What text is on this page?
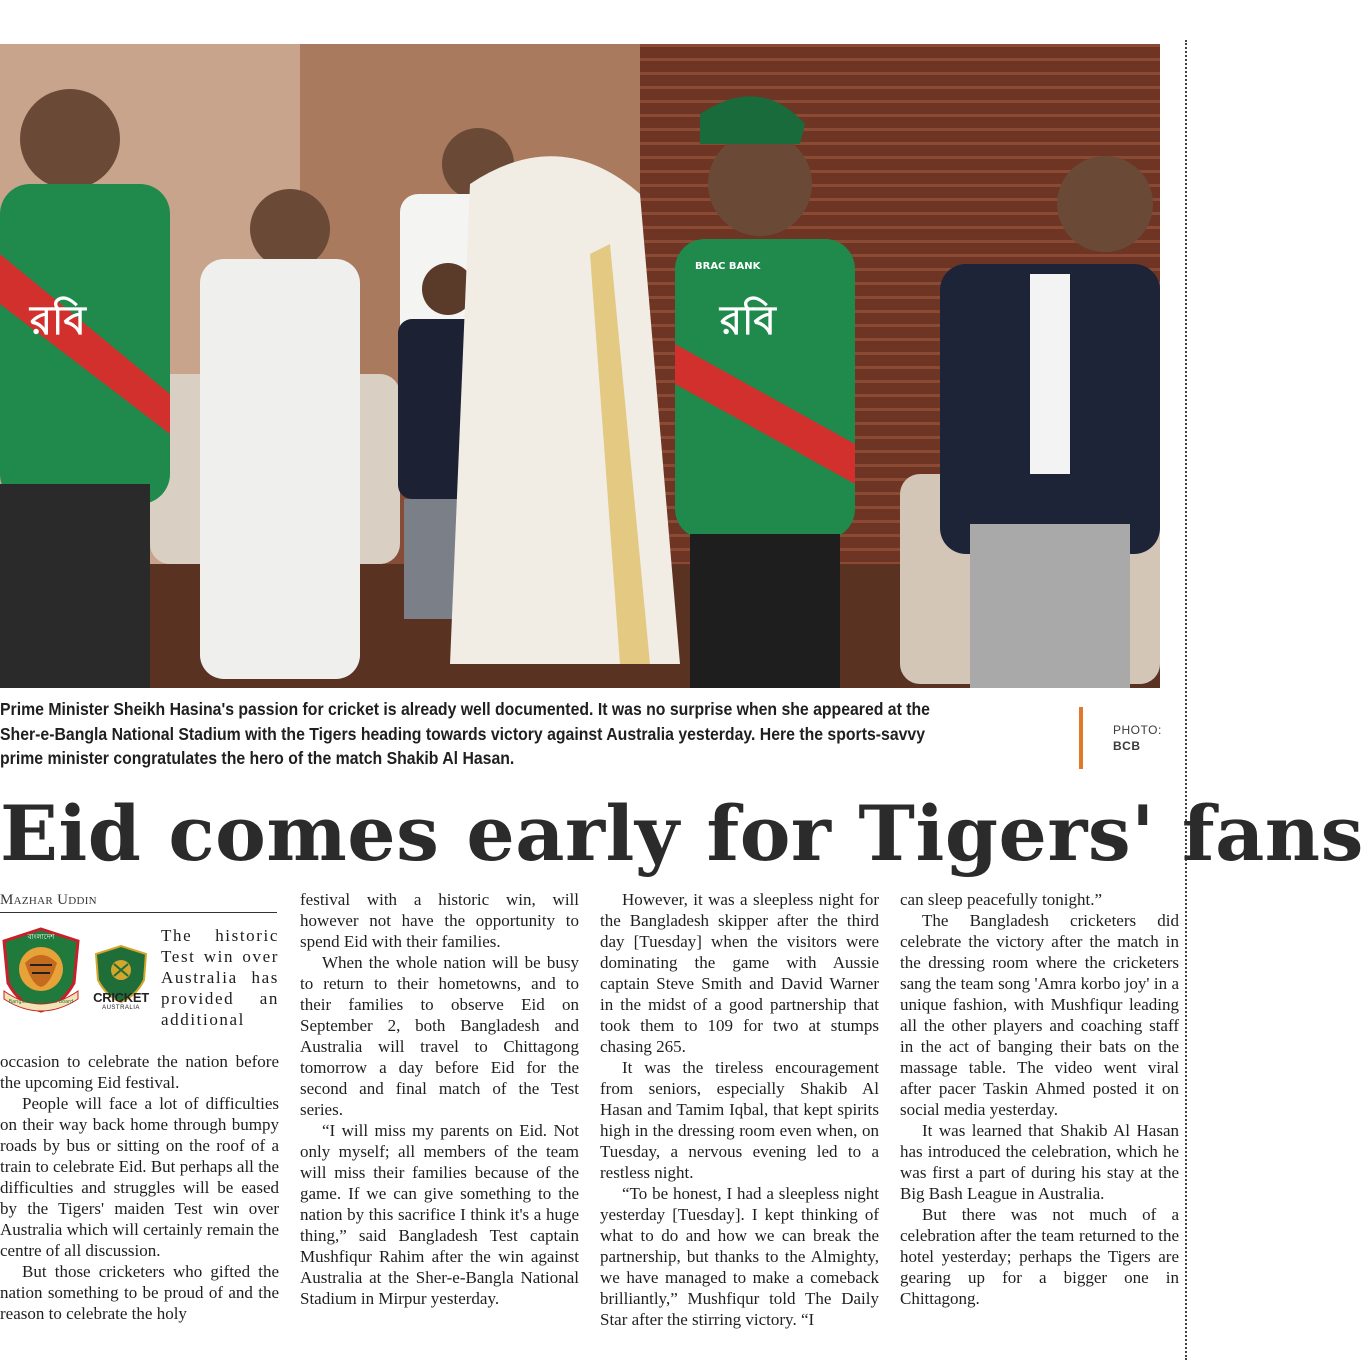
রবি	রবি
BRAC BANK
Prime Minister Sheikh Hasina's passion for cricket is already well documented. It was no surprise when she appeared at the Sher-e-Bangla National Stadium with the Tigers heading towards victory against Australia yesterday. Here the sports-savvy prime minister congratulates the hero of the match Shakib Al Hasan.
PHOTO:
BCB
Eid comes early for Tigers' fans
Mazhar Uddin
বাংলাদেশ
Bangladesh Cricket Board	CRICKET
AUSTRALIA
The historic
Test win over
Australia has
provided an
additional

occasion to celebrate the nation before the upcoming Eid festival.

People will face a lot of difficulties on their way back home through bumpy roads by bus or sitting on the roof of a train to celebrate Eid. But perhaps all the difficulties and struggles will be eased by the Tigers' maiden Test win over Australia which will certainly remain the centre of all discussion.

But those cricketers who gifted the nation something to be proud of and the reason to celebrate the holy

festival with a historic win, will however not have the opportunity to spend Eid with their families.

When the whole nation will be busy to return to their hometowns, and to their families to observe Eid on September 2, both Bangladesh and Australia will travel to Chittagong tomorrow a day before Eid for the second and final match of the Test series.

“I will miss my parents on Eid. Not only myself; all members of the team will miss their families because of the game. If we can give something to the nation by this sacrifice I think it's a huge thing,” said Bangladesh Test captain Mushfiqur Rahim after the win against Australia at the Sher-e-Bangla National Stadium in Mirpur yesterday.

However, it was a sleepless night for the Bangladesh skipper after the third day [Tuesday] when the visitors were dominating the game with Aussie captain Steve Smith and David Warner in the midst of a good partnership that took them to 109 for two at stumps chasing 265.

It was the tireless encouragement from seniors, especially Shakib Al Hasan and Tamim Iqbal, that kept spirits high in the dressing room even when, on Tuesday, a nervous evening led to a restless night.

“To be honest, I had a sleepless night yesterday [Tuesday]. I kept thinking of what to do and how we can break the partnership, but thanks to the Almighty, we have managed to make a comeback brilliantly,” Mushfiqur told The Daily Star after the stirring victory. “I

can sleep peacefully tonight.”

The Bangladesh cricketers did celebrate the victory after the match in the dressing room where the cricketers sang the team song 'Amra korbo joy' in a unique fashion, with Mushfiqur leading all the other players and coaching staff in the act of banging their bats on the massage table. The video went viral after pacer Taskin Ahmed posted it on social media yesterday.

It was learned that Shakib Al Hasan has introduced the celebration, which he was first a part of during his stay at the Big Bash League in Australia.

But there was not much of a celebration after the team returned to the hotel yesterday; perhaps the Tigers are gearing up for a bigger one in Chittagong.
